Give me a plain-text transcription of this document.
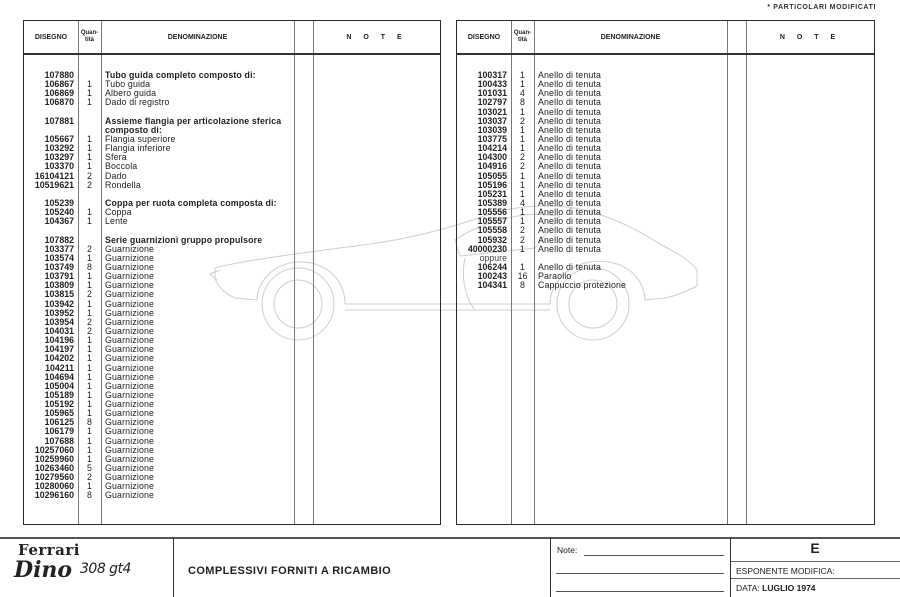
* PARTICOLARI MODIFICATI
DISEGNO
Quan-
tità	DENOMINAZIONE	N O T E
107880	Tubo guida completo composto di:
106867	1	Tubo guida
106869	1	Albero guida
106870	1	Dado di registro
107881	Assieme flangia per articolazione sferica
composto di:
105667	1	Flangia superiore
103292	1	Flangia inferiore
103297	1	Sfera
103370	1	Boccola
16104121	2	Dado
10519621	2	Rondella
105239	Coppa per ruota completa composta di:
105240	1	Coppa
104367	1	Lente
107882	Serie guarnizioni gruppo propulsore
103377	2	Guarnizione
103574	1	Guarnizione
103749	8	Guarnizione
103791	1	Guarnizione
103809	1	Guarnizione
103815	2	Guarnizione
103942	1	Guarnizione
103952	1	Guarnizione
103954	2	Guarnizione
104031	2	Guarnizione
104196	1	Guarnizione
104197	1	Guarnizione
104202	1	Guarnizione
104211	1	Guarnizione
104694	1	Guarnizione
105004	1	Guarnizione
105189	1	Guarnizione
105192	1	Guarnizione
105965	1	Guarnizione
106125	8	Guarnizione
106179	1	Guarnizione
107688	1	Guarnizione
10257060	1	Guarnizione
10259960	1	Guarnizione
10263460	5	Guarnizione
10279560	2	Guarnizione
10280060	1	Guarnizione
10296160	8	Guarnizione
DISEGNO
Quan-
tità	DENOMINAZIONE	N O T E
100317	1	Anello di tenuta
100433	1	Anello di tenuta
101031	4	Anello di tenuta
102797	8	Anello di tenuta
103021	1	Anello di tenuta
103037	2	Anello di tenuta
103039	1	Anello di tenuta
103775	1	Anello di tenuta
104214	1	Anello di tenuta
104300	2	Anello di tenuta
104916	2	Anello di tenuta
105055	1	Anello di tenuta
105196	1	Anello di tenuta
105231	1	Anello di tenuta
105389	4	Anello di tenuta
105556	1	Anello di tenuta
105557	1	Anello di tenuta
105558	2	Anello di tenuta
105932	2	Anello di tenuta
40000230	1	Anello di tenuta
oppure
106244	1	Anello di tenuta
100243	16	Paraolio
104341	8	Cappuccio protezione
Ferrari
Dino 308 gt4	COMPLESSIVI FORNITI A RICAMBIO
Note:	E
ESPONENTE MODIFICA:
DATA: LUGLIO 1974
